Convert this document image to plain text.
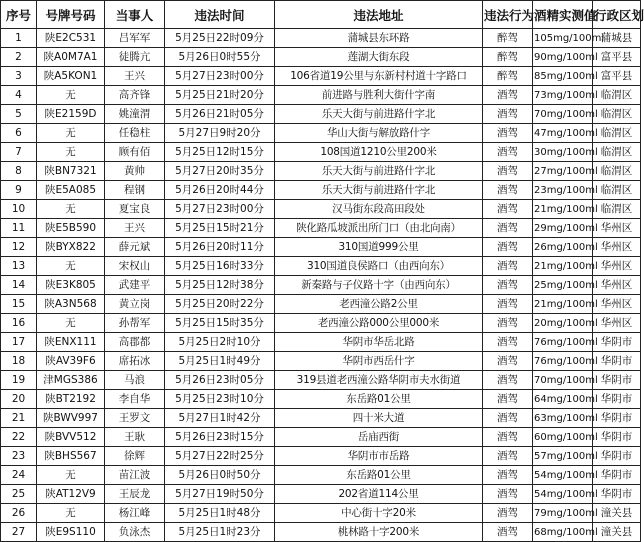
序号	号牌号码	当事人	违法时间	违法地址	违法行为	酒精实测值	行政区划
1	陕E2C531	吕军军	5月25日22时09分	蒲城县东环路	醉驾	105mg/100ml	蒲城县
2	陕A0M7A1	徒腾亢	5月26日0时55分	莲湖大街东段	醉驾	90mg/100ml	富平县
3	陕A5KON1	王兴	5月27日23时00分	106省道19公里与东新村村道十字路口	醉驾	85mg/100ml	富平县
4	无	高齐锋	5月25日21时20分	前进路与胜利大街什字南	酒驾	73mg/100ml	临渭区
5	陕E2159D	姚潼渭	5月26日21时05分	乐天大街与前进路什字北	酒驾	70mg/100ml	临渭区
6	无	任稳柱	5月27日9时20分	华山大街与解放路什字	酒驾	47mg/100ml	临渭区
7	无	顾有佰	5月25日12时15分	108国道1210公里200米	酒驾	30mg/100ml	临渭区
8	陕BN7321	黄帅	5月27日20时35分	乐天大街与前进路什字北	酒驾	27mg/100ml	临渭区
9	陕E5A085	程钢	5月26日20时44分	乐天大街与前进路什字北	酒驾	23mg/100ml	临渭区
10	无	夏宝良	5月27日23时00分	汉马街东段高田段处	酒驾	21mg/100ml	临渭区
11	陕E5B590	王兴	5月25日15时21分	陕化路瓜坡派出所门口（由北向南）	酒驾	29mg/100ml	华州区
12	陕BYX822	薛元斌	5月26日20时11分	310国道999公里	酒驾	26mg/100ml	华州区
13	无	宋权山	5月25日16时33分	310国道良侯路口（由西向东）	酒驾	21mg/100ml	华州区
14	陕E3K805	武建平	5月25日12时38分	新秦路与子仪路十字（由西向东）	酒驾	25mg/100ml	华州区
15	陕A3N568	黄立岗	5月25日20时22分	老西潼公路2公里	酒驾	21mg/100ml	华州区
16	无	孙帮军	5月25日15时35分	老西潼公路000公里000米	酒驾	20mg/100ml	华州区
17	陕ENX111	高郡都	5月25日2时10分	华阴市华岳北路	酒驾	76mg/100ml	华阴市
18	陕AV39F6	席拓冰	5月25日1时49分	华阴市西岳什字	酒驾	76mg/100ml	华阴市
19	津MGS386	马浪	5月26日23时05分	319县道老西潼公路华阴市夫水街道	酒驾	70mg/100ml	华阴市
20	陕BT2192	李自华	5月25日23时10分	东岳路01公里	酒驾	64mg/100ml	华阴市
21	陕BWV997	王罗文	5月27日1时42分	四十米大道	酒驾	63mg/100ml	华阴市
22	陕BVV512	王耿	5月26日23时15分	岳庙西街	酒驾	60mg/100ml	华阴市
23	陕BHS567	徐辉	5月27日22时25分	华阴市市岳路	酒驾	57mg/100ml	华阴市
24	无	苗江波	5月26日0时50分	东岳路01公里	酒驾	54mg/100ml	华阴市
25	陕AT12V9	王辰龙	5月27日19时50分	202省道114公里	酒驾	54mg/100ml	华阴市
26	无	杨江峰	5月25日1时48分	中心街十字20米	酒驾	79mg/100ml	潼关县
27	陕E9S110	负泳杰	5月25日1时23分	桃林路十字200米	酒驾	68mg/100ml	潼关县
